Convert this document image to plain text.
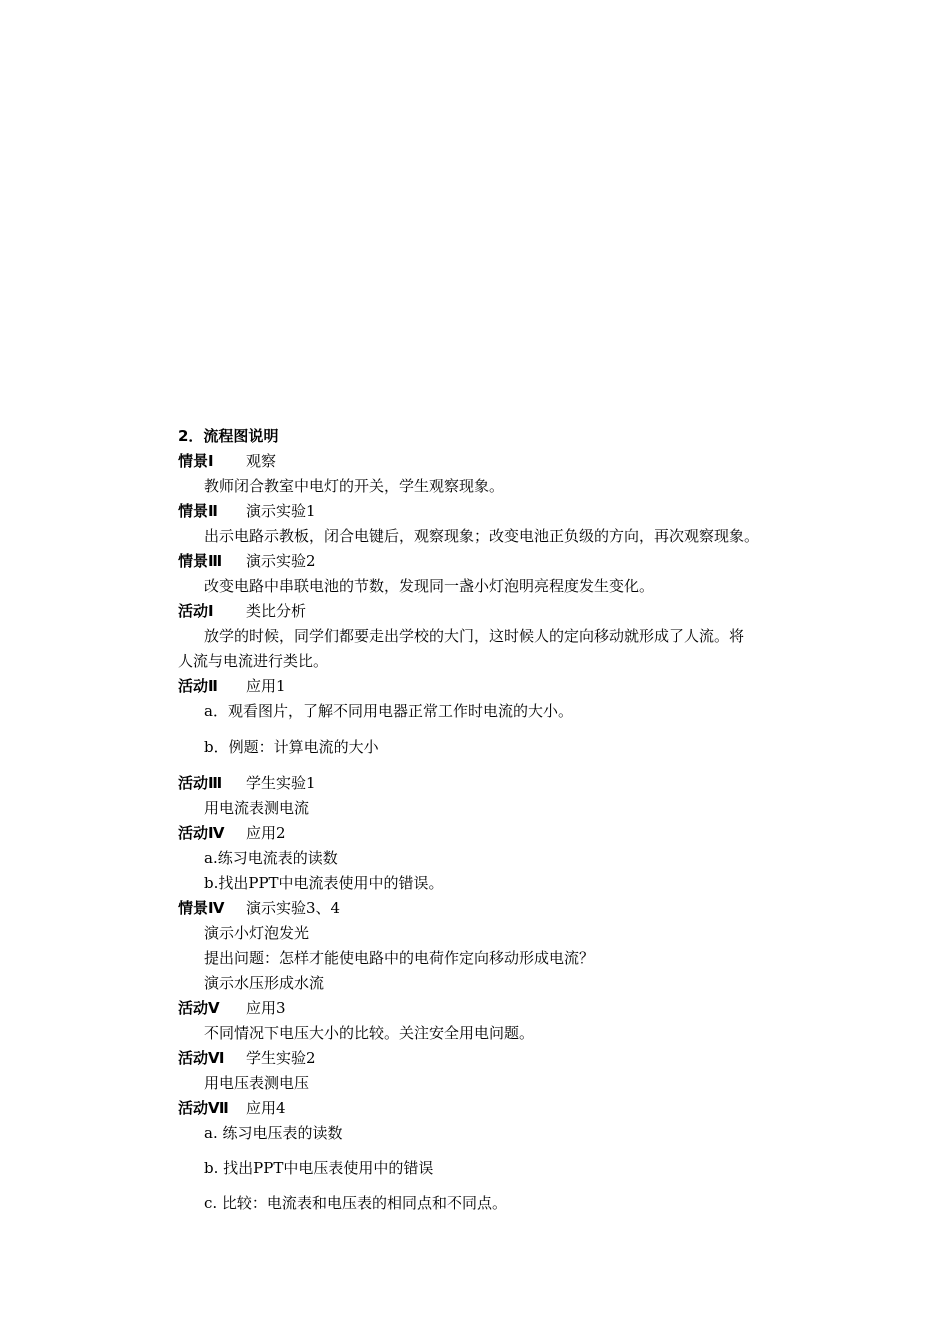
2．流程图说明
情景Ⅰ 观察
教师闭合教室中电灯的开关，学生观察现象。
情景Ⅱ 演示实验1
出示电路示教板，闭合电键后，观察现象；改变电池正负级的方向，再次观察现象。
情景Ⅲ 演示实验2
改变电路中串联电池的节数，发现同一盏小灯泡明亮程度发生变化。
活动Ⅰ 类比分析
放学的时候，同学们都要走出学校的大门，这时候人的定向移动就形成了人流。将
人流与电流进行类比。
活动Ⅱ 应用1
a．观看图片，了解不同用电器正常工作时电流的大小。
b．例题：计算电流的大小
活动Ⅲ 学生实验1
用电流表测电流
活动Ⅳ 应用2
a.练习电流表的读数
b.找出PPT中电流表使用中的错误。
情景Ⅳ 演示实验3、4
演示小灯泡发光
提出问题：怎样才能使电路中的电荷作定向移动形成电流？
演示水压形成水流
活动Ⅴ 应用3
不同情况下电压大小的比较。关注安全用电问题。
活动Ⅵ 学生实验2
用电压表测电压
活动Ⅶ 应用4
a. 练习电压表的读数
b. 找出PPT中电压表使用中的错误
c. 比较：电流表和电压表的相同点和不同点。
